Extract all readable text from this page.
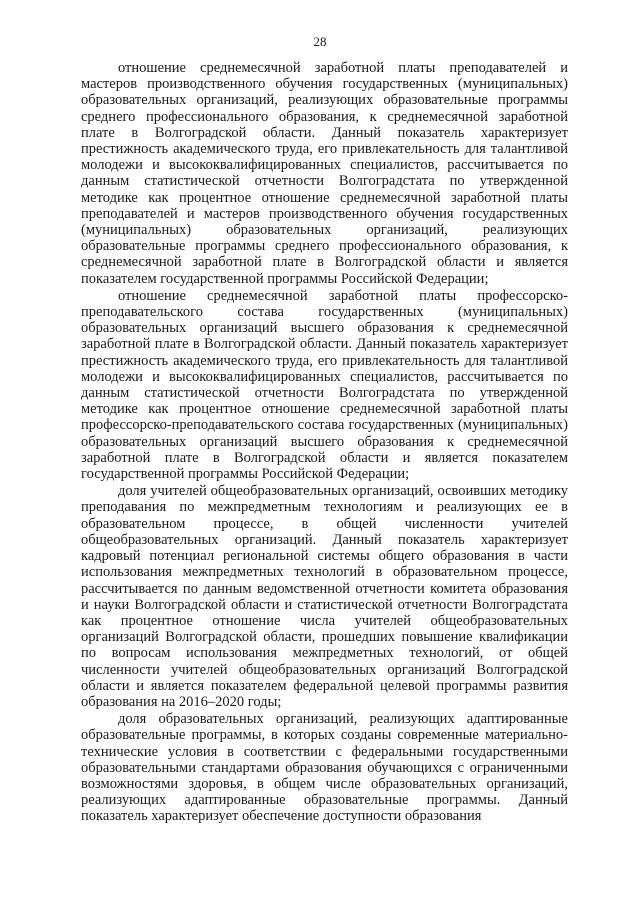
28

отношение среднемесячной заработной платы преподавателей и мастеров производственного обучения государственных (муниципальных) образовательных организаций, реализующих образовательные программы среднего профессионального образования, к среднемесячной заработной плате в Волгоградской области. Данный показатель характеризует престижность академического труда, его привлекательность для талантливой молодежи и высококвалифицированных специалистов, рассчитывается по данным статистической отчетности Волгоградстата по утвержденной методике как процентное отношение среднемесячной заработной платы преподавателей и мастеров производственного обучения государственных (муниципальных) образовательных организаций, реализующих образовательные программы среднего профессионального образования, к среднемесячной заработной плате в Волгоградской области и является показателем государственной программы Российской Федерации;

отношение среднемесячной заработной платы профессорско-преподавательского состава государственных (муниципальных) образовательных организаций высшего образования к среднемесячной заработной плате в Волгоградской области. Данный показатель характеризует престижность академического труда, его привлекательность для талантливой молодежи и высококвалифицированных специалистов, рассчитывается по данным статистической отчетности Волгоградстата по утвержденной методике как процентное отношение среднемесячной заработной платы профессорско-преподавательского состава государственных (муниципальных) образовательных организаций высшего образования к среднемесячной заработной плате в Волгоградской области и является показателем государственной программы Российской Федерации;

доля учителей общеобразовательных организаций, освоивших методику преподавания по межпредметным технологиям и реализующих ее в образовательном процессе, в общей численности учителей общеобразовательных организаций. Данный показатель характеризует кадровый потенциал региональной системы общего образования в части использования межпредметных технологий в образовательном процессе, рассчитывается по данным ведомственной отчетности комитета образования и науки Волгоградской области и статистической отчетности Волгоградстата как процентное отношение числа учителей общеобразовательных организаций Волгоградской области, прошедших повышение квалификации по вопросам использования межпредметных технологий, от общей численности учителей общеобразовательных организаций Волгоградской области и является показателем федеральной целевой программы развития образования на 2016–2020 годы;

доля образовательных организаций, реализующих адаптированные образовательные программы, в которых созданы современные материально-технические условия в соответствии с федеральными государственными образовательными стандартами образования обучающихся с ограниченными возможностями здоровья, в общем числе образовательных организаций, реализующих адаптированные образовательные программы. Данный показатель характеризует обеспечение доступности образования
